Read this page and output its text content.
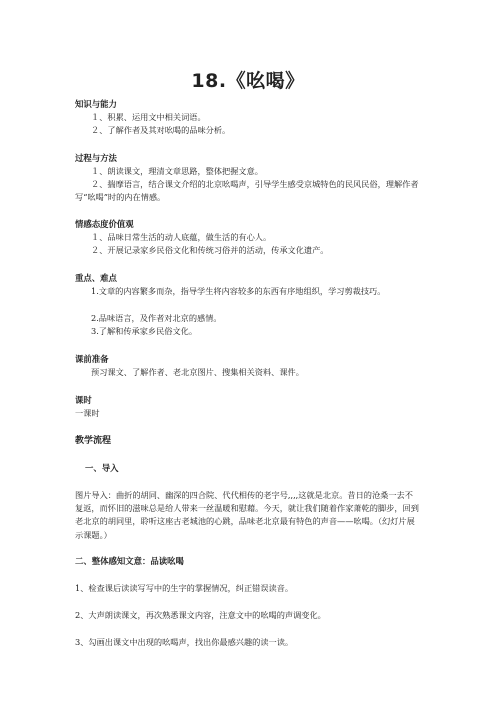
18.《吆喝》
知识与能力
１、积累、运用文中相关词语。
２、了解作者及其对吆喝的品味分析。
过程与方法
１、朗读课文，理清文章思路，整体把握文意。
２、揣摩语言，结合课文介绍的北京吆喝声，引导学生感受京城特色的民风民俗，理解作者写“吆喝”时的内在情感。
情感态度价值观
１、品味日常生活的动人底蕴，做生活的有心人。
２、开展记录家乡民俗文化和传统习俗并的活动，传承文化遗产。
重点、难点
1.文章的内容繁多而杂，指导学生将内容较多的东西有序地组织，学习剪裁技巧。
2.品味语言，及作者对北京的感情。
3.了解和传承家乡民俗文化。
课前准备
预习课文、了解作者、老北京图片、搜集相关资料、课件。
课时
一课时
教学流程
一、导入
图片导入：曲折的胡同、幽深的四合院、代代相传的老字号,,,,这就是北京。昔日的沧桑一去不复返，而怀旧的滋味总是给人带来一丝温暖和慰藉。今天，就让我们随着作家萧乾的脚步，回到老北京的胡同里，聆听这座古老城池的心跳，品味老北京最有特色的声音——吆喝。（幻灯片展示课题。）
二、整体感知文意：品读吆喝
1、检查课后读读写写中的生字的掌握情况，纠正错误读音。
2、大声朗读课文，再次熟悉课文内容，注意文中的吆喝的声调变化。
3、勾画出课文中出现的吆喝声，找出你最感兴趣的读一读。
